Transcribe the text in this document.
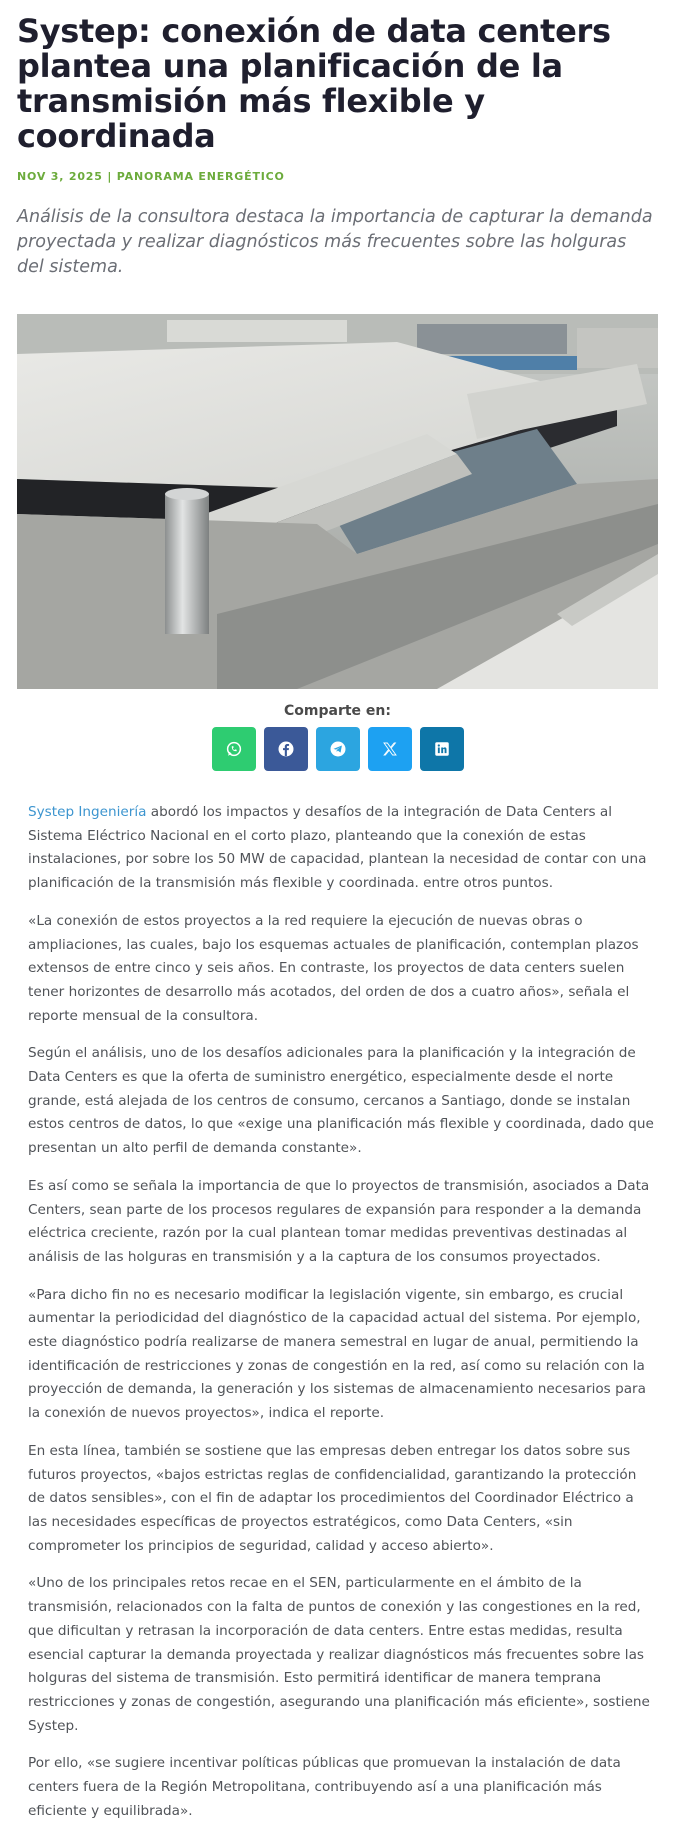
Systep: conexión de data centers plantea una planificación de la transmisión más flexible y coordinada
NOV 3, 2025 | PANORAMA ENERGÉTICO
Análisis de la consultora destaca la importancia de capturar la demanda proyectada y realizar diagnósticos más frecuentes sobre las holguras del sistema.
Comparte en:

Systep Ingeniería abordó los impactos y desafíos de la integración de Data Centers al Sistema Eléctrico Nacional en el corto plazo, planteando que la conexión de estas instalaciones, por sobre los 50 MW de capacidad, plantean la necesidad de contar con una planificación de la transmisión más flexible y coordinada. entre otros puntos.

«La conexión de estos proyectos a la red requiere la ejecución de nuevas obras o ampliaciones, las cuales, bajo los esquemas actuales de planificación, contemplan plazos extensos de entre cinco y seis años. En contraste, los proyectos de data centers suelen tener horizontes de desarrollo más acotados, del orden de dos a cuatro años», señala el reporte mensual de la consultora.

Según el análisis, uno de los desafíos adicionales para la planificación y la integración de Data Centers es que la oferta de suministro energético, especialmente desde el norte grande, está alejada de los centros de consumo, cercanos a Santiago, donde se instalan estos centros de datos, lo que «exige una planificación más flexible y coordinada, dado que presentan un alto perfil de demanda constante».

Es así como se señala la importancia de que lo proyectos de transmisión, asociados a Data Centers, sean parte de los procesos regulares de expansión para responder a la demanda eléctrica creciente, razón por la cual plantean tomar medidas preventivas destinadas al análisis de las holguras en transmisión y a la captura de los consumos proyectados.

«Para dicho fin no es necesario modificar la legislación vigente, sin embargo, es crucial aumentar la periodicidad del diagnóstico de la capacidad actual del sistema. Por ejemplo, este diagnóstico podría realizarse de manera semestral en lugar de anual, permitiendo la identificación de restricciones y zonas de congestión en la red, así como su relación con la proyección de demanda, la generación y los sistemas de almacenamiento necesarios para la conexión de nuevos proyectos», indica el reporte.

En esta línea, también se sostiene que las empresas deben entregar los datos sobre sus futuros proyectos, «bajos estrictas reglas de confidencialidad, garantizando la protección de datos sensibles», con el fin de adaptar los procedimientos del Coordinador Eléctrico a las necesidades específicas de proyectos estratégicos, como Data Centers, «sin comprometer los principios de seguridad, calidad y acceso abierto».

«Uno de los principales retos recae en el SEN, particularmente en el ámbito de la transmisión, relacionados con la falta de puntos de conexión y las congestiones en la red, que dificultan y retrasan la incorporación de data centers. Entre estas medidas, resulta esencial capturar la demanda proyectada y realizar diagnósticos más frecuentes sobre las holguras del sistema de transmisión. Esto permitirá identificar de manera temprana restricciones y zonas de congestión, asegurando una planificación más eficiente», sostiene Systep.

Por ello, «se sugiere incentivar políticas públicas que promuevan la instalación de data centers fuera de la Región Metropolitana, contribuyendo así a una planificación más eficiente y equilibrada».
